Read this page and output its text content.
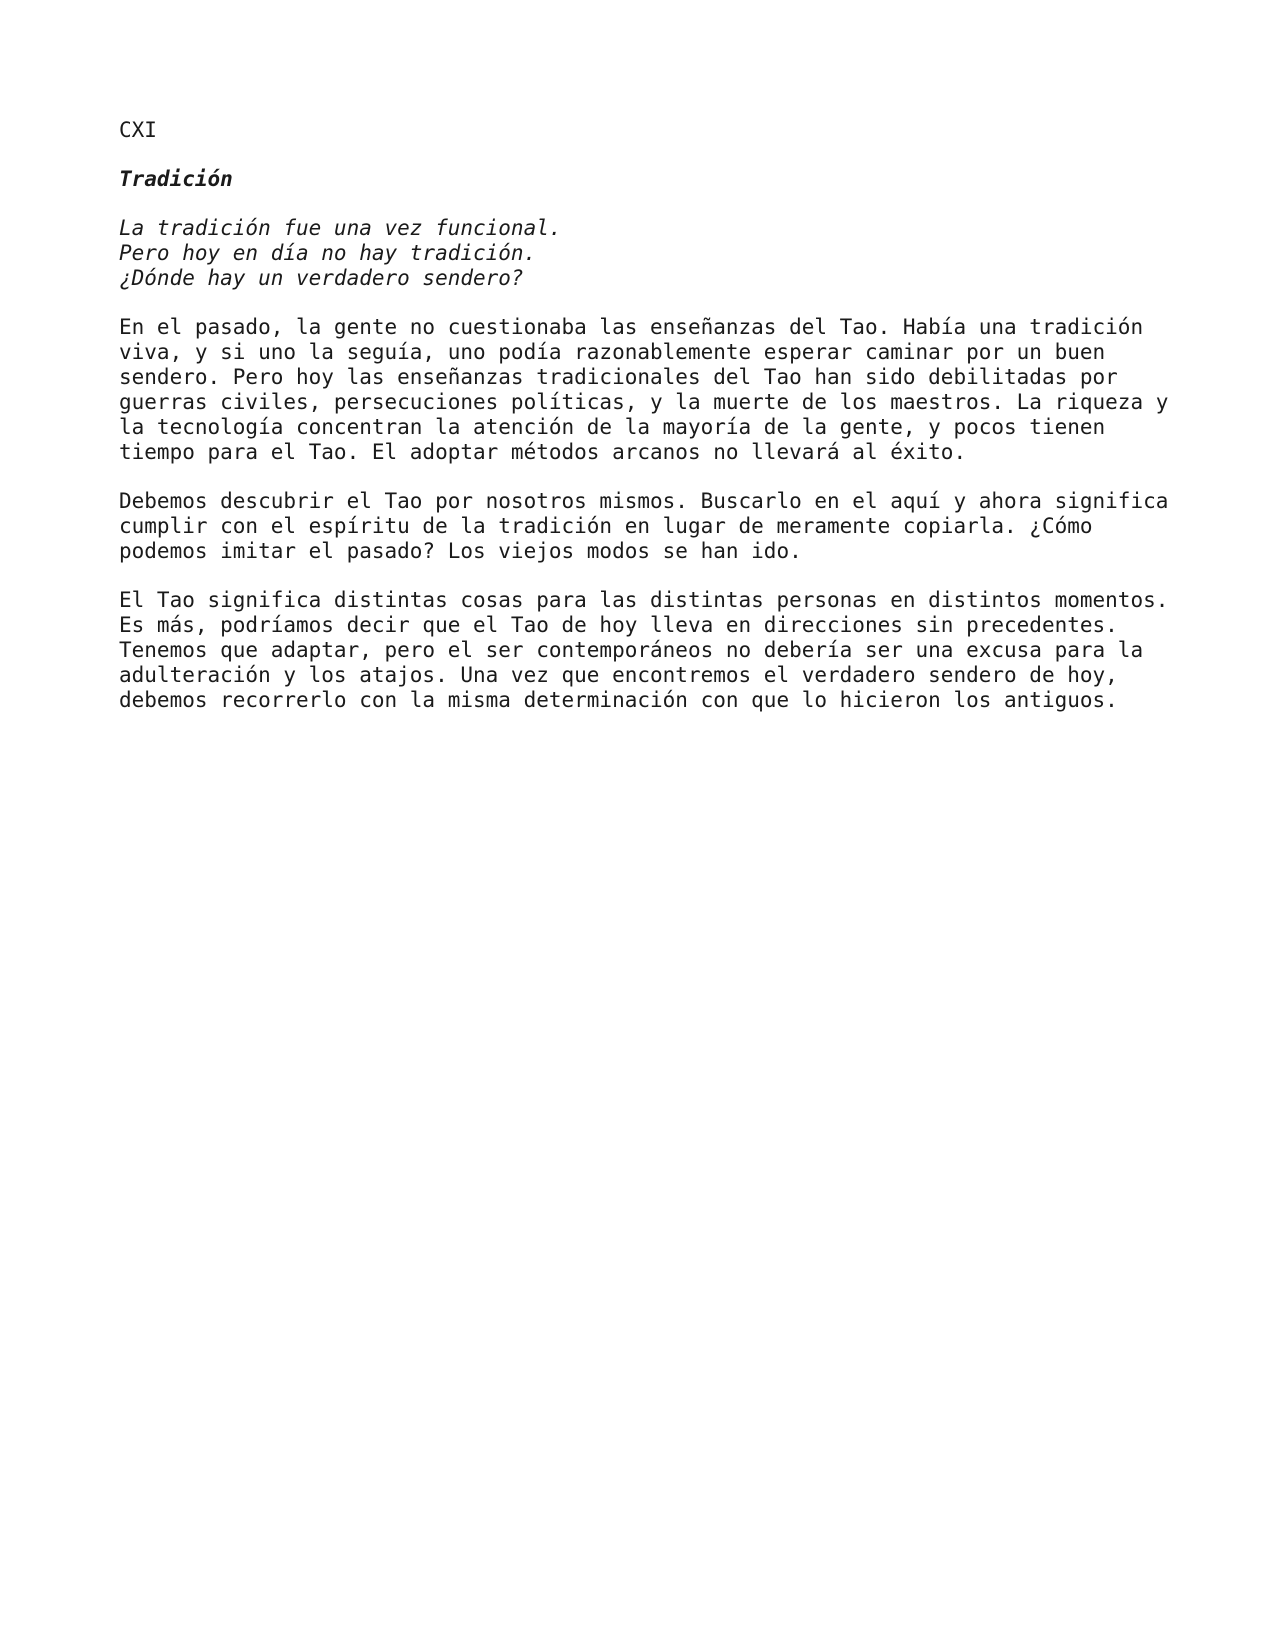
CXI

Tradición

La tradición fue una vez funcional.
Pero hoy en día no hay tradición.
¿Dónde hay un verdadero sendero?

En el pasado, la gente no cuestionaba las enseñanzas del Tao. Había una tradición
viva, y si uno la seguía, uno podía razonablemente esperar caminar por un buen
sendero. Pero hoy las enseñanzas tradicionales del Tao han sido debilitadas por
guerras civiles, persecuciones políticas, y la muerte de los maestros. La riqueza y
la tecnología concentran la atención de la mayoría de la gente, y pocos tienen
tiempo para el Tao. El adoptar métodos arcanos no llevará al éxito.

Debemos descubrir el Tao por nosotros mismos. Buscarlo en el aquí y ahora significa
cumplir con el espíritu de la tradición en lugar de meramente copiarla. ¿Cómo
podemos imitar el pasado? Los viejos modos se han ido.

El Tao significa distintas cosas para las distintas personas en distintos momentos.
Es más, podríamos decir que el Tao de hoy lleva en direcciones sin precedentes.
Tenemos que adaptar, pero el ser contemporáneos no debería ser una excusa para la
adulteración y los atajos. Una vez que encontremos el verdadero sendero de hoy,
debemos recorrerlo con la misma determinación con que lo hicieron los antiguos.
